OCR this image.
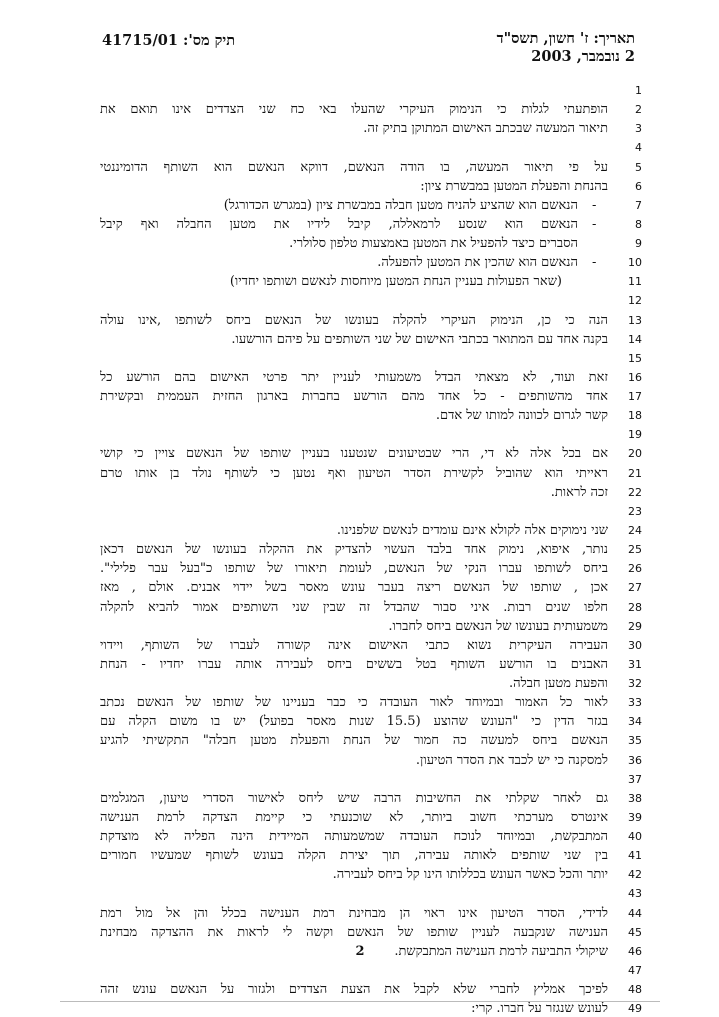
תאריך: ז' חשון, תשס"ד
2 נובמבר, 2003
תיק מס': 41715/01
1
2
הופתעתי לגלות כי הנימוק העיקרי שהעלו באי כח שני הצדדים אינו תואם את
3
תיאור המעשה שבכתב האישום המתוקן בתיק זה.
4
5
על פי תיאור המעשה, בו הודה הנאשם, דווקא הנאשם הוא השותף הדומיננטי
6
בהנחת והפעלת המטען במבשרת ציון:
7
הנאשם הוא שהציע להניח מטען חבלה במבשרת ציון (במגרש הכדורגל) -
8
הנאשם הוא שנסע לרמאללה, קיבל לידיו את מטען החבלה ואף קיבל -
9
הסברים כיצד להפעיל את המטען באמצעות טלפון סלולרי.
10
הנאשם הוא שהכין את המטען להפעלה. -
11
(שאר הפעולות בעניין הנחת המטען מיוחסות לנאשם ושותפו יחדיו)
12
13
הנה כי כן, הנימוק העיקרי להקלה בעונשו של הנאשם ביחס לשותפו ,אינו עולה
14
בקנה אחד עם המתואר בכתבי האישום של שני השותפים על פיהם הורשעו.
15
16
זאת ועוד, לא מצאתי הבדל משמעותי לעניין יתר פרטי האישום בהם הורשע כל
17
אחד מהשותפים - כל אחד מהם הורשע בחברות בארגון החזית העממית ובקשירת
18
קשר לגרום לכוונה למותו של אדם.
19
20
אם בכל אלה לא די, הרי שבטיעונים שנטענו בעניין שותפו של הנאשם צויין כי קושי
21
ראייתי הוא שהוביל לקשירת הסדר הטיעון ואף נטען כי לשותף נולד בן אותו טרם
22
זכה לראות.
23
24
שני נימוקים אלה לקולא אינם עומדים לנאשם שלפנינו.
25
נותר, איפוא, נימוק אחד בלבד העשוי להצדיק את ההקלה בעונשו של הנאשם דכאן
26
ביחס לשותפו עברו הנקי של הנאשם, לעומת תיאורו של שותפו כ"בעל עבר פלילי".
27
אכן , שותפו של הנאשם ריצה בעבר עונש מאסר בשל יידוי אבנים. אולם , מאז
28
חלפו שנים רבות. איני סבור שהבדל זה שבין שני השותפים אמור להביא להקלה
29
משמעותית בעונשו של הנאשם ביחס לחברו.
30
העבירה העיקרית נשוא כתבי האישום אינה קשורה לעברו של השותף, ויידוי
31
האבנים בו הורשע השותף בטל בששים ביחס לעבירה אותה עברו יחדיו - הנחת
32
והפעת מטען חבלה.
33
לאור כל האמור ובמיוחד לאור העובדה כי כבר בעניינו של שותפו של הנאשם נכתב
34
בגזר הדין כי "העונש שהוצע (15.5 שנות מאסר בפועל) יש בו משום הקלה עם
35
הנאשם ביחס למעשה כה חמור של הנחת והפעלת מטען חבלה" התקשיתי להגיע
36
למסקנה כי יש לכבד את הסדר הטיעון.
37
38
גם לאחר שקלתי את החשיבות הרבה שיש ליחס לאישור הסדרי טיעון, המגלמים
39
אינטרס מערכתי חשוב ביותר, לא שוכנעתי כי קיימת הצדקה לרמת הענישה
40
המתבקשת, ובמיוחד לנוכח העובדה שמשמעותה המיידית הינה הפליה לא מוצדקת
41
בין שני שותפים לאותה עבירה, תוך יצירת הקלה בעונש לשותף שמעשיו חמורים
42
יותר והכל כאשר העונש בכללותו הינו קל ביחס לעבירה.
43
44
לדידי, הסדר הטיעון אינו ראוי הן מבחינת רמת הענישה בכלל והן אל מול רמת
45
הענישה שנקבעה לעניין שותפו של הנאשם וקשה לי לראות את ההצדקה מבחינת
46
שיקולי התביעה לרמת הענישה המתבקשת.
47
48
לפיכך אמליץ לחברי שלא לקבל את הצעת הצדדים ולגזור על הנאשם עונש זהה
49
לעונש שנגזר על חברו. קרי:
2
